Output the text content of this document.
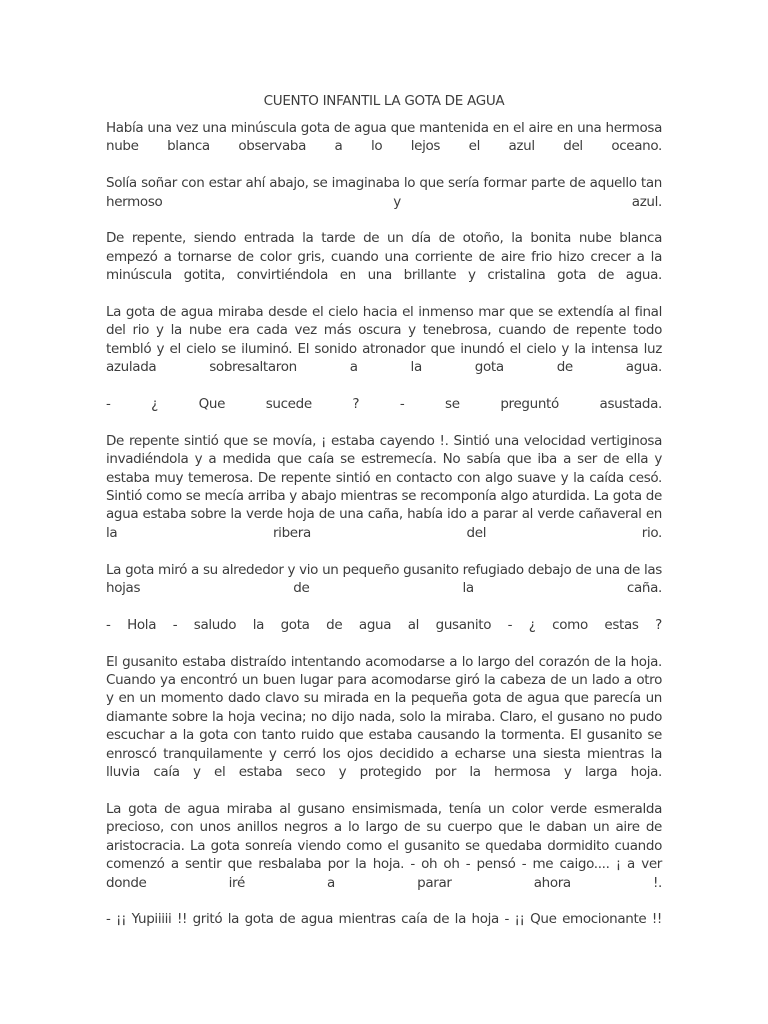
CUENTO INFANTIL LA GOTA DE AGUA

Había una vez una minúscula gota de agua que mantenida en el aire en una hermosa nube blanca observaba a lo lejos el azul del oceano.

Solía soñar con estar ahí abajo, se imaginaba lo que sería formar parte de aquello tan hermoso y azul.

De repente, siendo entrada la tarde de un día de otoño, la bonita nube blanca empezó a tornarse de color gris, cuando una corriente de aire frio hizo crecer a la minúscula gotita, convirtiéndola en una brillante y cristalina gota de agua.

La gota de agua miraba desde el cielo hacia el inmenso mar que se extendía al final del rio y la nube era cada vez más oscura y tenebrosa, cuando de repente todo tembló y el cielo se iluminó. El sonido atronador que inundó el cielo y la intensa luz azulada sobresaltaron a la gota de agua.

- ¿ Que sucede ? - se preguntó asustada.

De repente sintió que se movía, ¡ estaba cayendo !. Sintió una velocidad vertiginosa invadiéndola y a medida que caía se estremecía. No sabía que iba a ser de ella y estaba muy temerosa. De repente sintió en contacto con algo suave y la caída cesó. Sintió como se mecía arriba y abajo mientras se recomponía algo aturdida. La gota de agua estaba sobre la verde hoja de una caña, había ido a parar al verde cañaveral en la ribera del rio.

La gota miró a su alrededor y vio un pequeño gusanito refugiado debajo de una de las hojas de la caña.

- Hola - saludo la gota de agua al gusanito - ¿ como estas ?

El gusanito estaba distraído intentando acomodarse a lo largo del corazón de la hoja. Cuando ya encontró un buen lugar para acomodarse giró la cabeza de un lado a otro y en un momento dado clavo su mirada en la pequeña gota de agua que parecía un diamante sobre la hoja vecina; no dijo nada, solo la miraba. Claro, el gusano no pudo escuchar a la gota con tanto ruido que estaba causando la tormenta. El gusanito se enroscó tranquilamente y cerró los ojos decidido a echarse una siesta mientras la lluvia caía y el estaba seco y protegido por la hermosa y larga hoja.

La gota de agua miraba al gusano ensimismada, tenía un color verde esmeralda precioso, con unos anillos negros a lo largo de su cuerpo que le daban un aire de aristocracia. La gota sonreía viendo como el gusanito se quedaba dormidito cuando comenzó a sentir que resbalaba por la hoja. - oh oh - pensó - me caigo.... ¡ a ver donde iré a parar ahora !.

- ¡¡ Yupiiiii !! gritó la gota de agua mientras caía de la hoja - ¡¡ Que emocionante !!
